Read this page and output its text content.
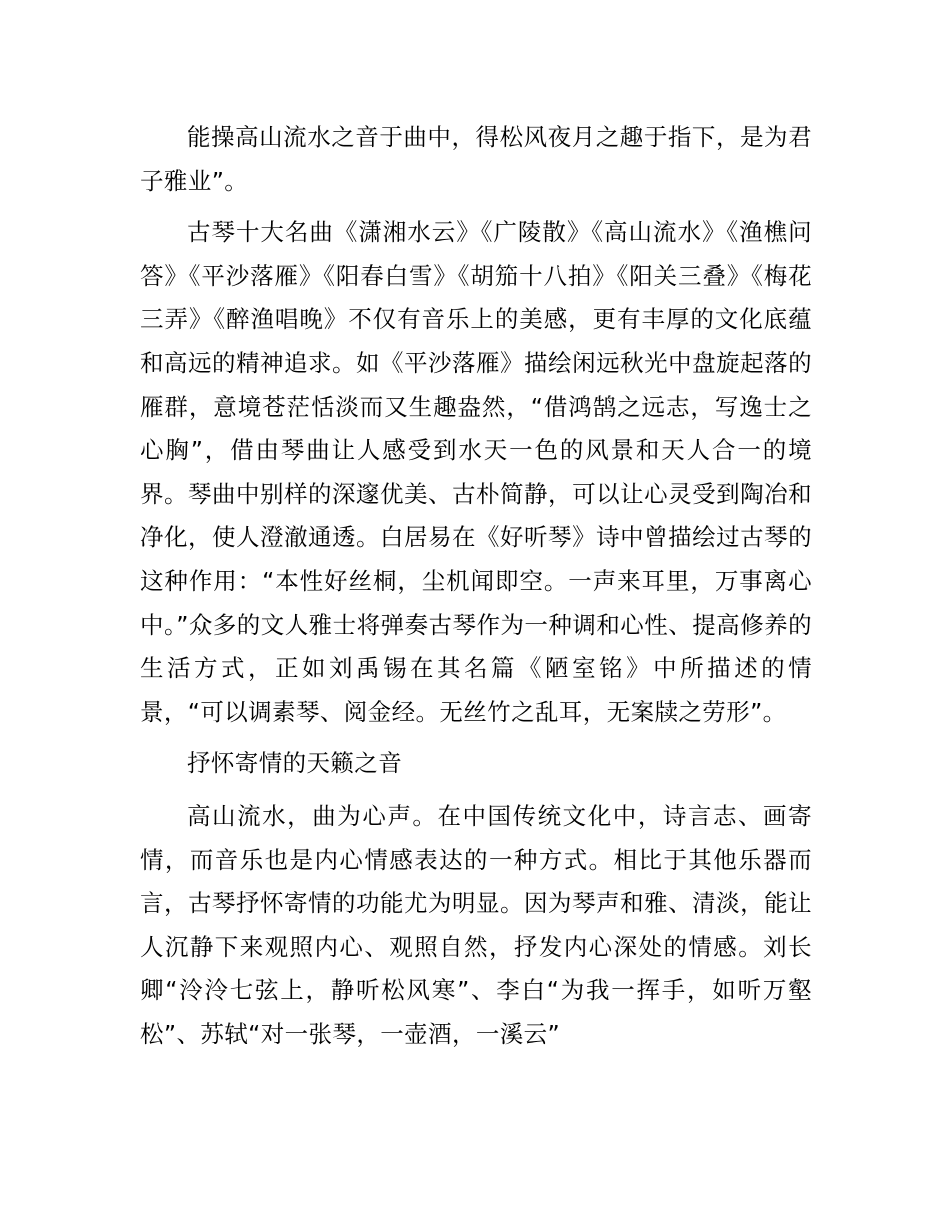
能操高山流水之音于曲中，得松风夜月之趣于指下，是为君子雅业”。

古琴十大名曲《潇湘水云》《广陵散》《高山流水》《渔樵问答》《平沙落雁》《阳春白雪》《胡笳十八拍》《阳关三叠》《梅花三弄》《醉渔唱晚》不仅有音乐上的美感，更有丰厚的文化底蕴和高远的精神追求。如《平沙落雁》描绘闲远秋光中盘旋起落的雁群，意境苍茫恬淡而又生趣盎然，“借鸿鹄之远志，写逸士之心胸”，借由琴曲让人感受到水天一色的风景和天人合一的境界。琴曲中别样的深邃优美、古朴简静，可以让心灵受到陶冶和净化，使人澄澈通透。白居易在《好听琴》诗中曾描绘过古琴的这种作用：“本性好丝桐，尘机闻即空。一声来耳里，万事离心中。”众多的文人雅士将弹奏古琴作为一种调和心性、提高修养的生活方式，正如刘禹锡在其名篇《陋室铭》中所描述的情景，“可以调素琴、阅金经。无丝竹之乱耳，无案牍之劳形”。

抒怀寄情的天籁之音

高山流水，曲为心声。在中国传统文化中，诗言志、画寄情，而音乐也是内心情感表达的一种方式。相比于其他乐器而言，古琴抒怀寄情的功能尤为明显。因为琴声和雅、清淡，能让人沉静下来观照内心、观照自然，抒发内心深处的情感。刘长卿“泠泠七弦上，静听松风寒”、李白“为我一挥手，如听万壑松”、苏轼“对一张琴，一壶酒，一溪云”
